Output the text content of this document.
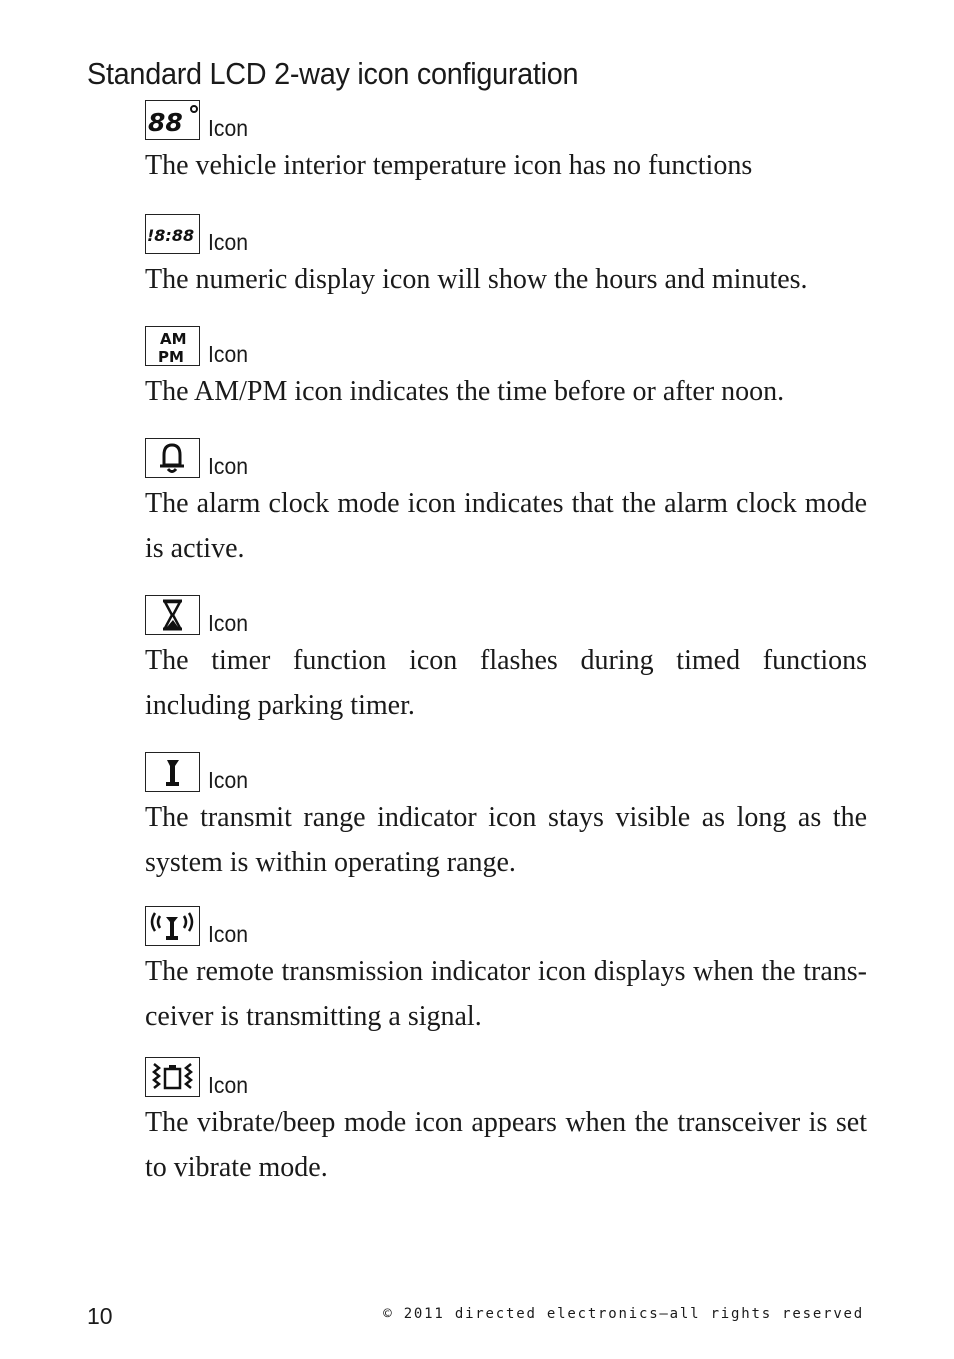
Standard LCD 2-way icon configuration
88 Icon
The vehicle interior temperature icon has no functions
!8:88 Icon
The numeric display icon will show the hours and minutes.
AM
PM Icon
The AM/PM icon indicates the time before or after noon.
Icon
The alarm clock mode icon indicates that the alarm clock mode is active.
Icon
The timer function icon flashes during timed functions including parking timer.
Icon
The transmit range indicator icon stays visible as long as the system is within operating range.
Icon
The remote transmission indicator icon displays when the trans-ceiver is transmitting a signal.
Icon
The vibrate/beep mode icon appears when the transceiver is set to vibrate mode.
10	© 2011 directed electronics—all rights reserved
